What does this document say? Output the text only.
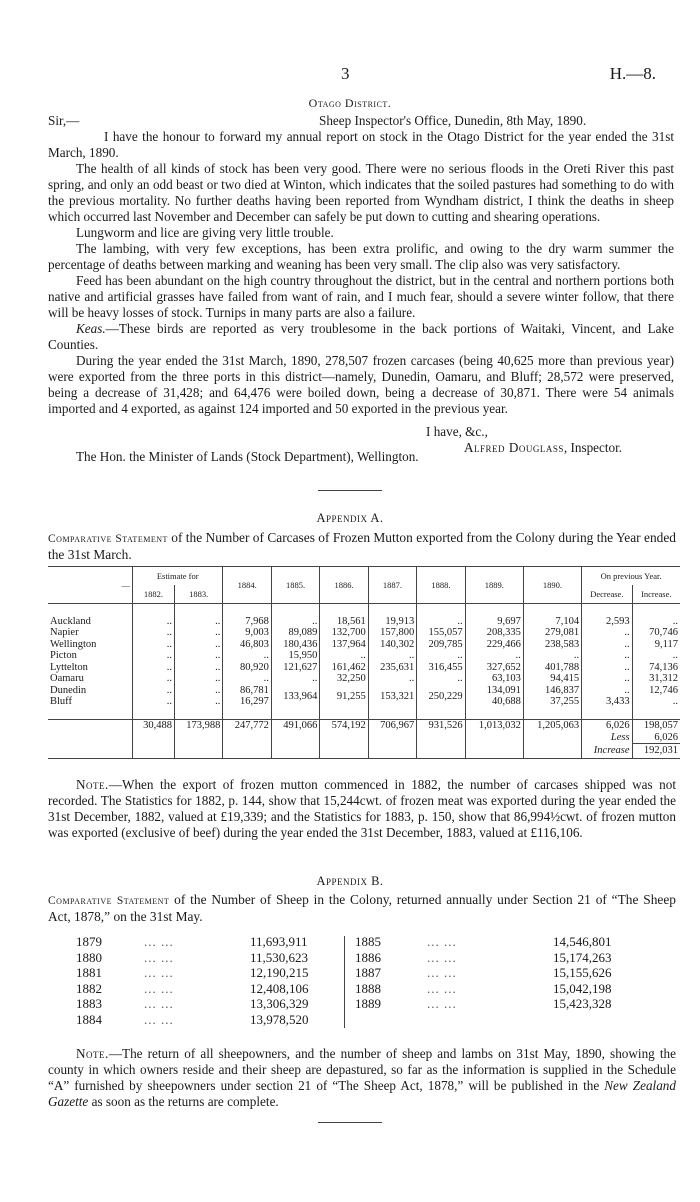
3	H.—8.
Otago District.
Sir,—	Sheep Inspector's Office, Dunedin, 8th May, 1890.
I have the honour to forward my annual report on stock in the Otago District for the year ended the 31st March, 1890.
The health of all kinds of stock has been very good. There were no serious floods in the Oreti River this past spring, and only an odd beast or two died at Winton, which indicates that the soiled pastures had something to do with the previous mortality. No further deaths having been reported from Wyndham district, I think the deaths in sheep which occurred last November and December can safely be put down to cutting and shearing operations.
Lungworm and lice are giving very little trouble.
The lambing, with very few exceptions, has been extra prolific, and owing to the dry warm summer the percentage of deaths between marking and weaning has been very small. The clip also was very satisfactory.
Feed has been abundant on the high country throughout the district, but in the central and northern portions both native and artificial grasses have failed from want of rain, and I much fear, should a severe winter follow, that there will be heavy losses of stock. Turnips in many parts are also a failure.
Keas.—These birds are reported as very troublesome in the back portions of Waitaki, Vincent, and Lake Counties.
During the year ended the 31st March, 1890, 278,507 frozen carcases (being 40,625 more than previous year) were exported from the three ports in this district—namely, Dunedin, Oamaru, and Bluff; 28,572 were preserved, being a decrease of 31,428; and 64,476 were boiled down, being a decrease of 30,871. There were 54 animals imported and 4 exported, as against 124 imported and 50 exported in the previous year.
I have, &c.,
Alfred Douglass, Inspector.
The Hon. the Minister of Lands (Stock Department), Wellington.
Appendix A.
Comparative Statement of the Number of Carcases of Frozen Mutton exported from the Colony during the Year ended the 31st March.
—	Estimate for		1884.	1885.	1886.	1887.	1888.	1889.	1890.	On previous Year.	
	1882.	1883.								Decrease.	Increase.

Auckland	..	..	7,968	..	18,561	19,913	..	9,697	7,104	2,593	..
Napier	..	..	9,003	89,089	132,700	157,800	155,057	208,335	279,081	..	70,746
Wellington	..	..	46,803	180,436	137,964	140,302	209,785	229,466	238,583	..	9,117
Picton	..	..	..	15,950	..	..	..	..	..	..	..
Lyttelton	..	..	80,920	121,627	161,462	235,631	316,455	327,652	401,788	..	74,136
Oamaru	..	..	..	..	32,250	..	..	63,103	94,415	..	31,312
Dunedin	..	..	86,781	133,964	91,255	153,321	250,229	134,091	146,837	..	12,746
Bluff	..	..	16,297					40,688	37,255	3,433	..

	30,488	173,988	247,772	491,066	574,192	706,967	931,526	1,013,032	1,205,063	6,026	198,057
										Less	6,026
										Increase	192,031
Note.—When the export of frozen mutton commenced in 1882, the number of carcases shipped was not recorded. The Statistics for 1882, p. 144, show that 15,244cwt. of frozen meat was exported during the year ended the 31st December, 1882, valued at £19,339; and the Statistics for 1883, p. 150, show that 86,994½cwt. of frozen mutton was exported (exclusive of beef) during the year ended the 31st December, 1883, valued at £116,106.
Appendix B.
Comparative Statement of the Number of Sheep in the Colony, returned annually under Section 21 of “The Sheep Act, 1878,” on the 31st May.
1879	... ...	11,693,911
1880	... ...	11,530,623
1881	... ...	12,190,215
1882	... ...	12,408,106
1883	... ...	13,306,329
1884	... ...	13,978,520
1885	... ...	14,546,801
1886	... ...	15,174,263
1887	... ...	15,155,626
1888	... ...	15,042,198
1889	... ...	15,423,328
Note.—The return of all sheepowners, and the number of sheep and lambs on 31st May, 1890, showing the county in which owners reside and their sheep are depastured, so far as the information is supplied in the Schedule “A” furnished by sheepowners under section 21 of “The Sheep Act, 1878,” will be published in the New Zealand Gazette as soon as the returns are complete.
